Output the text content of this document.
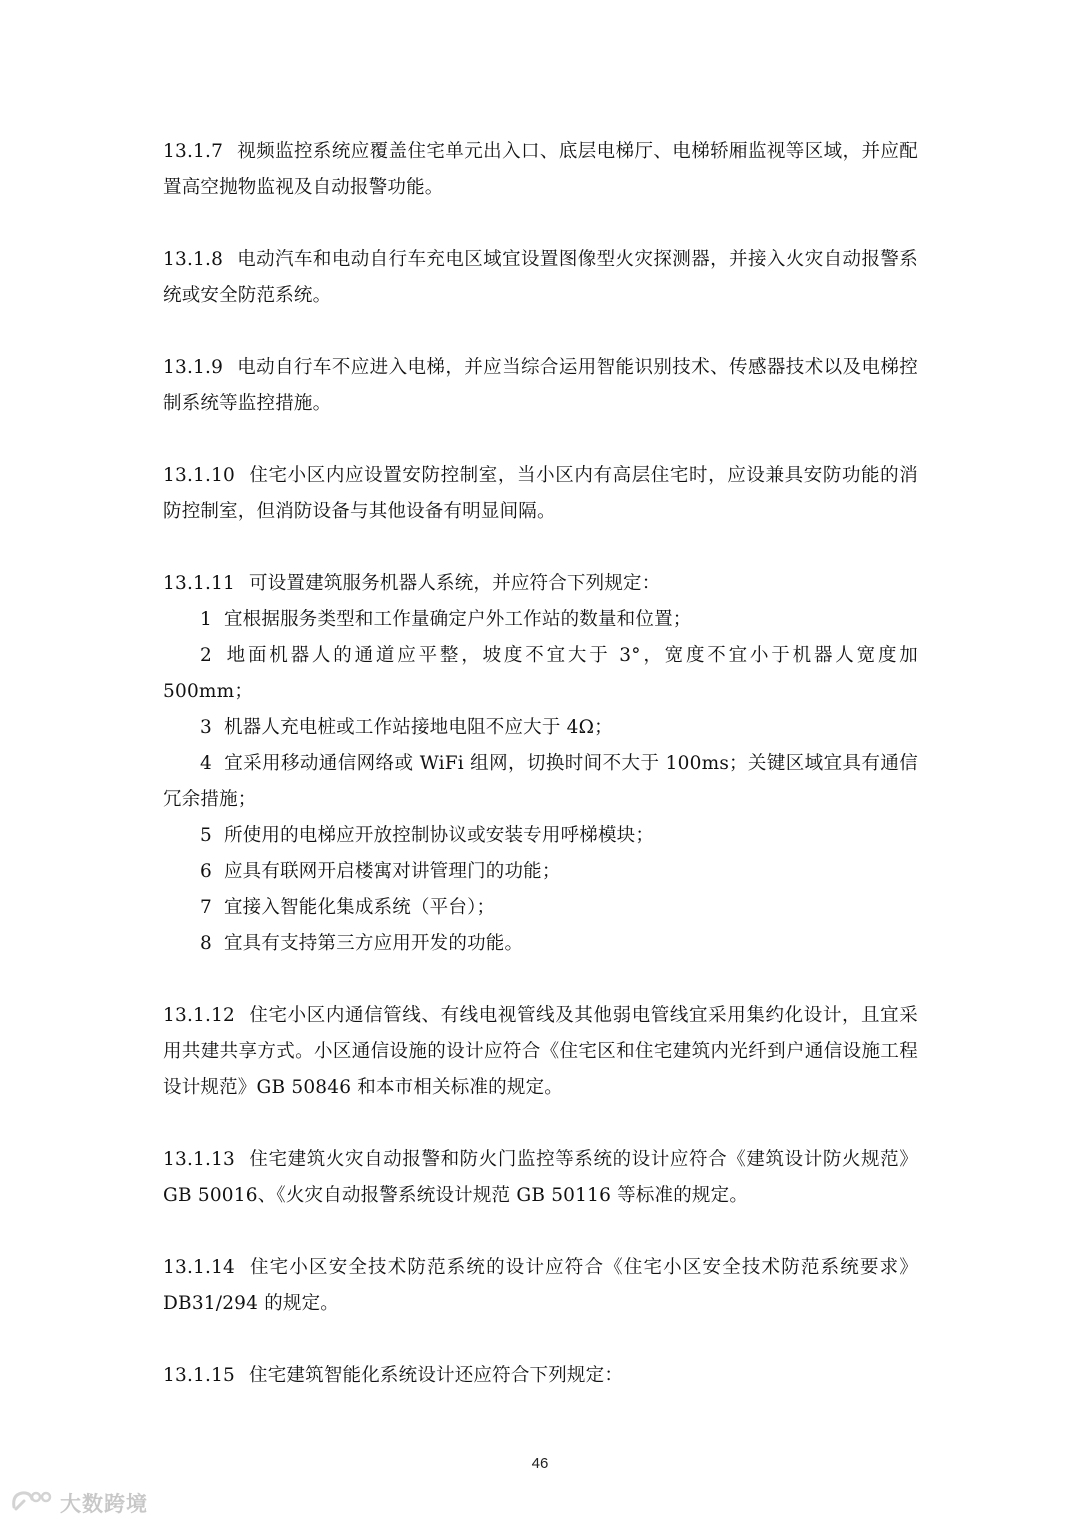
13.1.7 视频监控系统应覆盖住宅单元出入口、底层电梯厅、电梯轿厢监视等区域，并应配置高空抛物监视及自动报警功能。

13.1.8 电动汽车和电动自行车充电区域宜设置图像型火灾探测器，并接入火灾自动报警系统或安全防范系统。

13.1.9 电动自行车不应进入电梯，并应当综合运用智能识别技术、传感器技术以及电梯控制系统等监控措施。

13.1.10 住宅小区内应设置安防控制室，当小区内有高层住宅时，应设兼具安防功能的消防控制室，但消防设备与其他设备有明显间隔。

13.1.11 可设置建筑服务机器人系统，并应符合下列规定：

1 宜根据服务类型和工作量确定户外工作站的数量和位置；

2 地面机器人的通道应平整，坡度不宜大于 3°，宽度不宜小于机器人宽度加 500mm；

3 机器人充电桩或工作站接地电阻不应大于 4Ω；

4 宜采用移动通信网络或 WiFi 组网，切换时间不大于 100ms；关键区域宜具有通信冗余措施；

5 所使用的电梯应开放控制协议或安装专用呼梯模块；

6 应具有联网开启楼寓对讲管理门的功能；

7 宜接入智能化集成系统（平台）；

8 宜具有支持第三方应用开发的功能。

13.1.12 住宅小区内通信管线、有线电视管线及其他弱电管线宜采用集约化设计，且宜采用共建共享方式。小区通信设施的设计应符合《住宅区和住宅建筑内光纤到户通信设施工程设计规范》GB 50846 和本市相关标准的规定。

13.1.13 住宅建筑火灾自动报警和防火门监控等系统的设计应符合《建筑设计防火规范》GB 50016、《火灾自动报警系统设计规范 GB 50116 等标准的规定。

13.1.14 住宅小区安全技术防范系统的设计应符合《住宅小区安全技术防范系统要求》DB31/294 的规定。

13.1.15 住宅建筑智能化系统设计还应符合下列规定：

46
大数跨境
